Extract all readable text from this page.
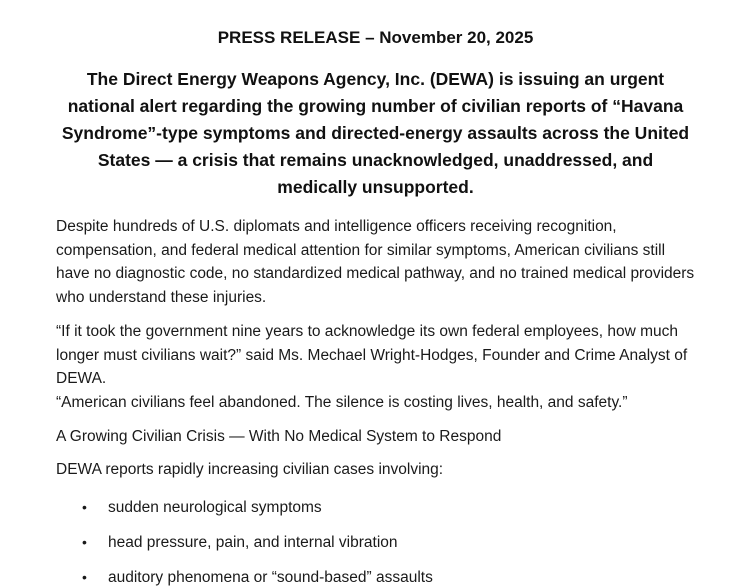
PRESS RELEASE – November 20, 2025

The Direct Energy Weapons Agency, Inc. (DEWA) is issuing an urgent national alert regarding the growing number of civilian reports of “Havana Syndrome”-type symptoms and directed-energy assaults across the United States — a crisis that remains unacknowledged, unaddressed, and medically unsupported.

Despite hundreds of U.S. diplomats and intelligence officers receiving recognition, compensation, and federal medical attention for similar symptoms, American civilians still have no diagnostic code, no standardized medical pathway, and no trained medical providers who understand these injuries.

“If it took the government nine years to acknowledge its own federal employees, how much longer must civilians wait?” said Ms. Mechael Wright-Hodges, Founder and Crime Analyst of DEWA.
“American civilians feel abandoned. The silence is costing lives, health, and safety.”

A Growing Civilian Crisis — With No Medical System to Respond

DEWA reports rapidly increasing civilian cases involving:

• sudden neurological symptoms
• head pressure, pain, and internal vibration
• auditory phenomena or “sound-based” assaults
